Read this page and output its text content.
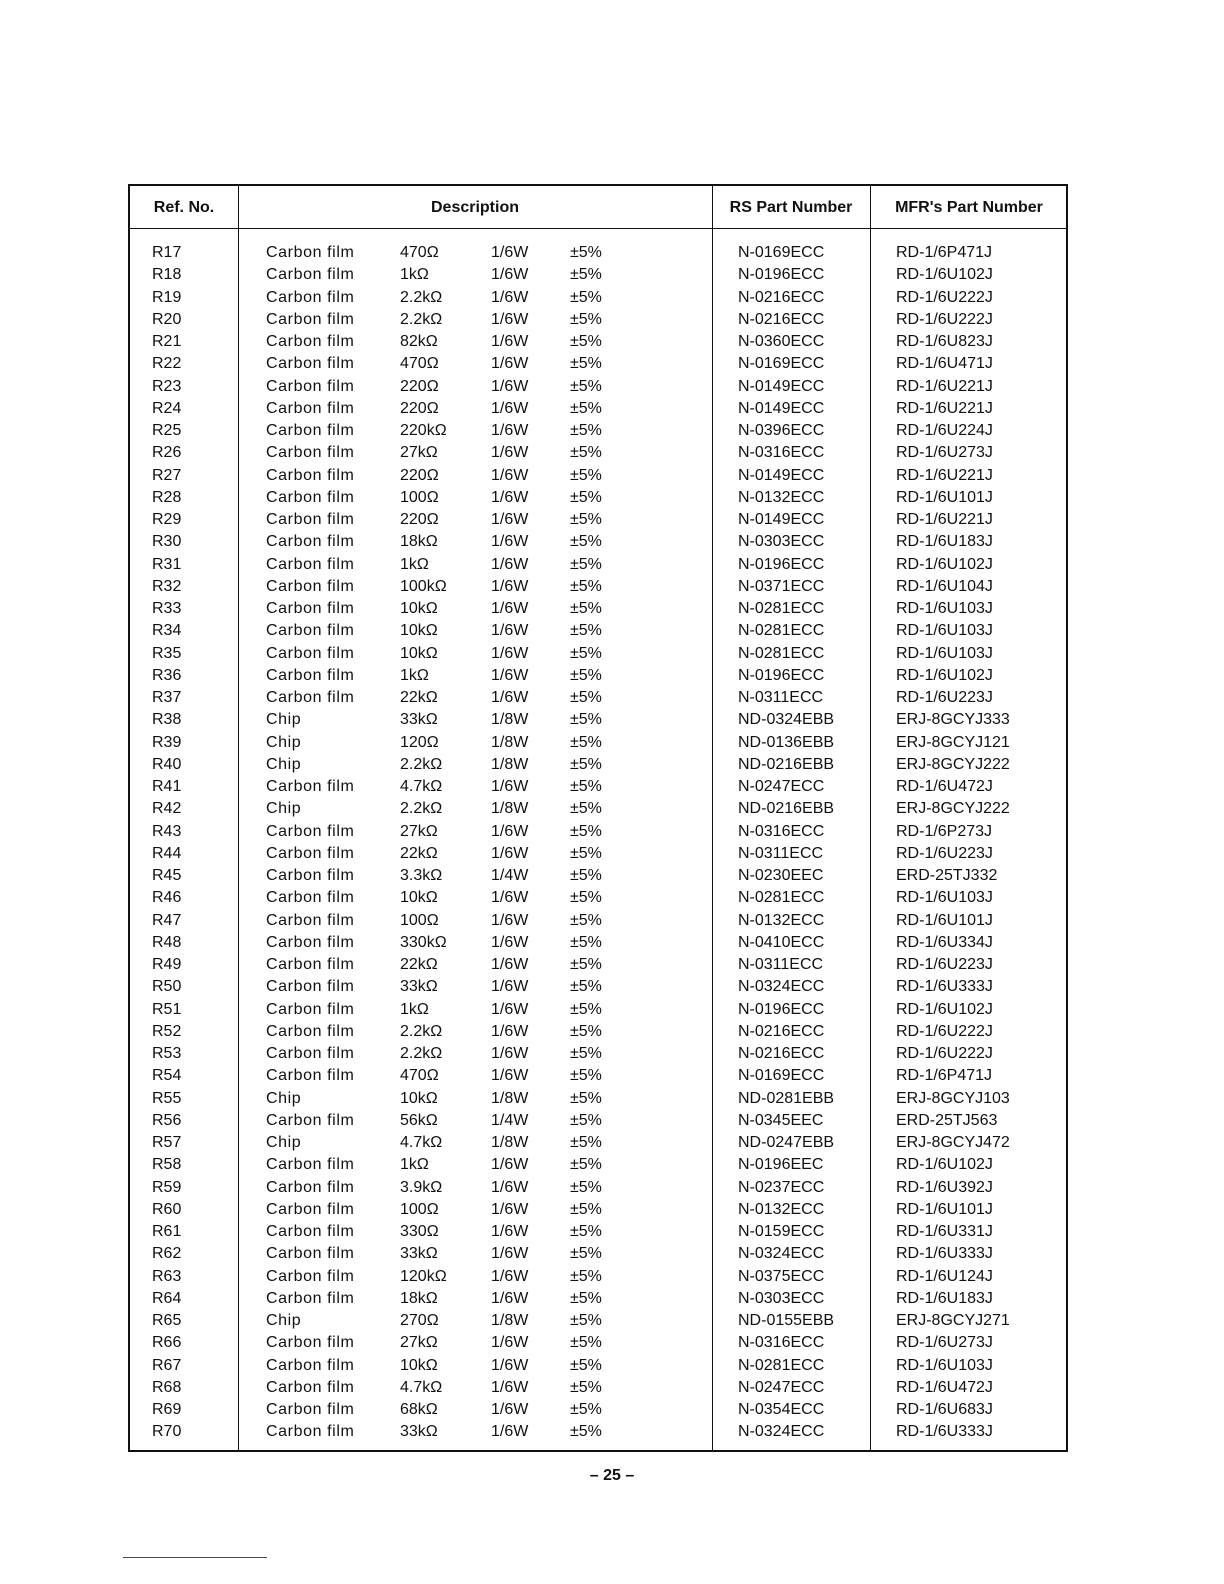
Ref. No.	Description	RS Part Number	MFR's Part Number
R17	Carbon film	470Ω	1/6W	±5%	N-0169ECC	RD-1/6P471J
R18	Carbon film	1kΩ	1/6W	±5%	N-0196ECC	RD-1/6U102J
R19	Carbon film	2.2kΩ	1/6W	±5%	N-0216ECC	RD-1/6U222J
R20	Carbon film	2.2kΩ	1/6W	±5%	N-0216ECC	RD-1/6U222J
R21	Carbon film	82kΩ	1/6W	±5%	N-0360ECC	RD-1/6U823J
R22	Carbon film	470Ω	1/6W	±5%	N-0169ECC	RD-1/6U471J
R23	Carbon film	220Ω	1/6W	±5%	N-0149ECC	RD-1/6U221J
R24	Carbon film	220Ω	1/6W	±5%	N-0149ECC	RD-1/6U221J
R25	Carbon film	220kΩ	1/6W	±5%	N-0396ECC	RD-1/6U224J
R26	Carbon film	27kΩ	1/6W	±5%	N-0316ECC	RD-1/6U273J
R27	Carbon film	220Ω	1/6W	±5%	N-0149ECC	RD-1/6U221J
R28	Carbon film	100Ω	1/6W	±5%	N-0132ECC	RD-1/6U101J
R29	Carbon film	220Ω	1/6W	±5%	N-0149ECC	RD-1/6U221J
R30	Carbon film	18kΩ	1/6W	±5%	N-0303ECC	RD-1/6U183J
R31	Carbon film	1kΩ	1/6W	±5%	N-0196ECC	RD-1/6U102J
R32	Carbon film	100kΩ	1/6W	±5%	N-0371ECC	RD-1/6U104J
R33	Carbon film	10kΩ	1/6W	±5%	N-0281ECC	RD-1/6U103J
R34	Carbon film	10kΩ	1/6W	±5%	N-0281ECC	RD-1/6U103J
R35	Carbon film	10kΩ	1/6W	±5%	N-0281ECC	RD-1/6U103J
R36	Carbon film	1kΩ	1/6W	±5%	N-0196ECC	RD-1/6U102J
R37	Carbon film	22kΩ	1/6W	±5%	N-0311ECC	RD-1/6U223J
R38	Chip	33kΩ	1/8W	±5%	ND-0324EBB	ERJ-8GCYJ333
R39	Chip	120Ω	1/8W	±5%	ND-0136EBB	ERJ-8GCYJ121
R40	Chip	2.2kΩ	1/8W	±5%	ND-0216EBB	ERJ-8GCYJ222
R41	Carbon film	4.7kΩ	1/6W	±5%	N-0247ECC	RD-1/6U472J
R42	Chip	2.2kΩ	1/8W	±5%	ND-0216EBB	ERJ-8GCYJ222
R43	Carbon film	27kΩ	1/6W	±5%	N-0316ECC	RD-1/6P273J
R44	Carbon film	22kΩ	1/6W	±5%	N-0311ECC	RD-1/6U223J
R45	Carbon film	3.3kΩ	1/4W	±5%	N-0230EEC	ERD-25TJ332
R46	Carbon film	10kΩ	1/6W	±5%	N-0281ECC	RD-1/6U103J
R47	Carbon film	100Ω	1/6W	±5%	N-0132ECC	RD-1/6U101J
R48	Carbon film	330kΩ	1/6W	±5%	N-0410ECC	RD-1/6U334J
R49	Carbon film	22kΩ	1/6W	±5%	N-0311ECC	RD-1/6U223J
R50	Carbon film	33kΩ	1/6W	±5%	N-0324ECC	RD-1/6U333J
R51	Carbon film	1kΩ	1/6W	±5%	N-0196ECC	RD-1/6U102J
R52	Carbon film	2.2kΩ	1/6W	±5%	N-0216ECC	RD-1/6U222J
R53	Carbon film	2.2kΩ	1/6W	±5%	N-0216ECC	RD-1/6U222J
R54	Carbon film	470Ω	1/6W	±5%	N-0169ECC	RD-1/6P471J
R55	Chip	10kΩ	1/8W	±5%	ND-0281EBB	ERJ-8GCYJ103
R56	Carbon film	56kΩ	1/4W	±5%	N-0345EEC	ERD-25TJ563
R57	Chip	4.7kΩ	1/8W	±5%	ND-0247EBB	ERJ-8GCYJ472
R58	Carbon film	1kΩ	1/6W	±5%	N-0196EEC	RD-1/6U102J
R59	Carbon film	3.9kΩ	1/6W	±5%	N-0237ECC	RD-1/6U392J
R60	Carbon film	100Ω	1/6W	±5%	N-0132ECC	RD-1/6U101J
R61	Carbon film	330Ω	1/6W	±5%	N-0159ECC	RD-1/6U331J
R62	Carbon film	33kΩ	1/6W	±5%	N-0324ECC	RD-1/6U333J
R63	Carbon film	120kΩ	1/6W	±5%	N-0375ECC	RD-1/6U124J
R64	Carbon film	18kΩ	1/6W	±5%	N-0303ECC	RD-1/6U183J
R65	Chip	270Ω	1/8W	±5%	ND-0155EBB	ERJ-8GCYJ271
R66	Carbon film	27kΩ	1/6W	±5%	N-0316ECC	RD-1/6U273J
R67	Carbon film	10kΩ	1/6W	±5%	N-0281ECC	RD-1/6U103J
R68	Carbon film	4.7kΩ	1/6W	±5%	N-0247ECC	RD-1/6U472J
R69	Carbon film	68kΩ	1/6W	±5%	N-0354ECC	RD-1/6U683J
R70	Carbon film	33kΩ	1/6W	±5%	N-0324ECC	RD-1/6U333J
– 25 –
